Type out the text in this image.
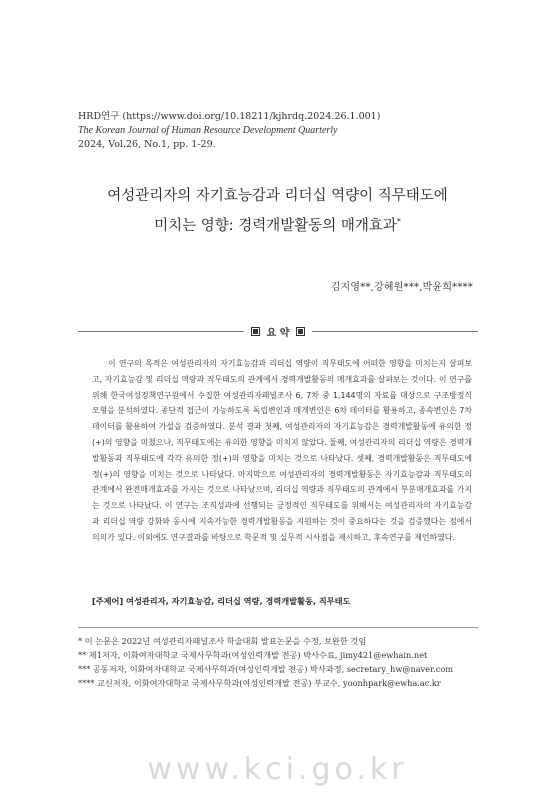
HRD연구 (https://www.doi.org/10.18211/kjhrdq.2024.26.1.001)
The Korean Journal of Human Resource Development Quarterly
2024, Vol.26, No.1, pp. 1-29.
여성관리자의 자기효능감과 리더십 역량이 직무태도에
미치는 영향: 경력개발활동의 매개효과*
김지영**,강혜원***,박윤희****
요 약

이 연구의 목적은 여성관리자의 자기효능감과 리더십 역량이 직무태도에 어떠한 영향을 미치는지 살펴보고, 자기효능감 및 리더십 역량과 직무태도의 관계에서 경력개발활동의 매개효과를 살펴보는 것이다. 이 연구를 위해 한국여성정책연구원에서 수집한 여성관리자패널조사 6, 7차 중 1,144명의 자료를 대상으로 구조방정식 모형을 분석하였다. 종단적 접근이 가능하도록 독립변인과 매개변인은 6차 데이터를 활용하고, 종속변인은 7차 데이터를 활용하여 가설을 검증하였다. 분석 결과 첫째, 여성관리자의 자기효능감은 경력개발활동에 유의한 정(+)의 영향을 미쳤으나, 직무태도에는 유의한 영향을 미치지 않았다. 둘째, 여성관리자의 리더십 역량은 경력개발활동과 직무태도에 각각 유의한 정(+)의 영향을 미치는 것으로 나타났다. 셋째, 경력개발활동은 직무태도에 정(+)의 영향을 미치는 것으로 나타났다. 마지막으로 여성관리자의 경력개발활동은 자기효능감과 직무태도의 관계에서 완전매개효과를 가지는 것으로 나타났으며, 리더십 역량과 직무태도의 관계에서 부분매개효과를 가지는 것으로 나타났다. 이 연구는 조직성과에 선행되는 긍정적인 직무태도를 위해서는 여성관리자의 자기효능감과 리더십 역량 강화와 동시에 지속가능한 경력개발활동을 지원하는 것이 중요하다는 것을 검증했다는 점에서 의의가 있다. 이외에도 연구결과를 바탕으로 학문적 및 실무적 시사점을 제시하고, 후속연구를 제언하였다.

[주제어] 여성관리자, 자기효능감, 리더십 역량, 경력개발활동, 직무태도
* 이 논문은 2022년 여성관리자패널조사 학술대회 발표논문을 수정, 보완한 것임
** 제1저자, 이화여자대학교 국제사무학과(여성인력개발 전공) 박사수료, jimy421@ewhain.net
*** 공동저자, 이화여자대학교 국제사무학과(여성인력개발 전공) 박사과정, secretary_hw@naver.com
**** 교신저자, 이화여자대학교 국제사무학과(여성인력개발 전공) 부교수, yoonhpark@ewha.ac.kr
www.kci.go.kr
